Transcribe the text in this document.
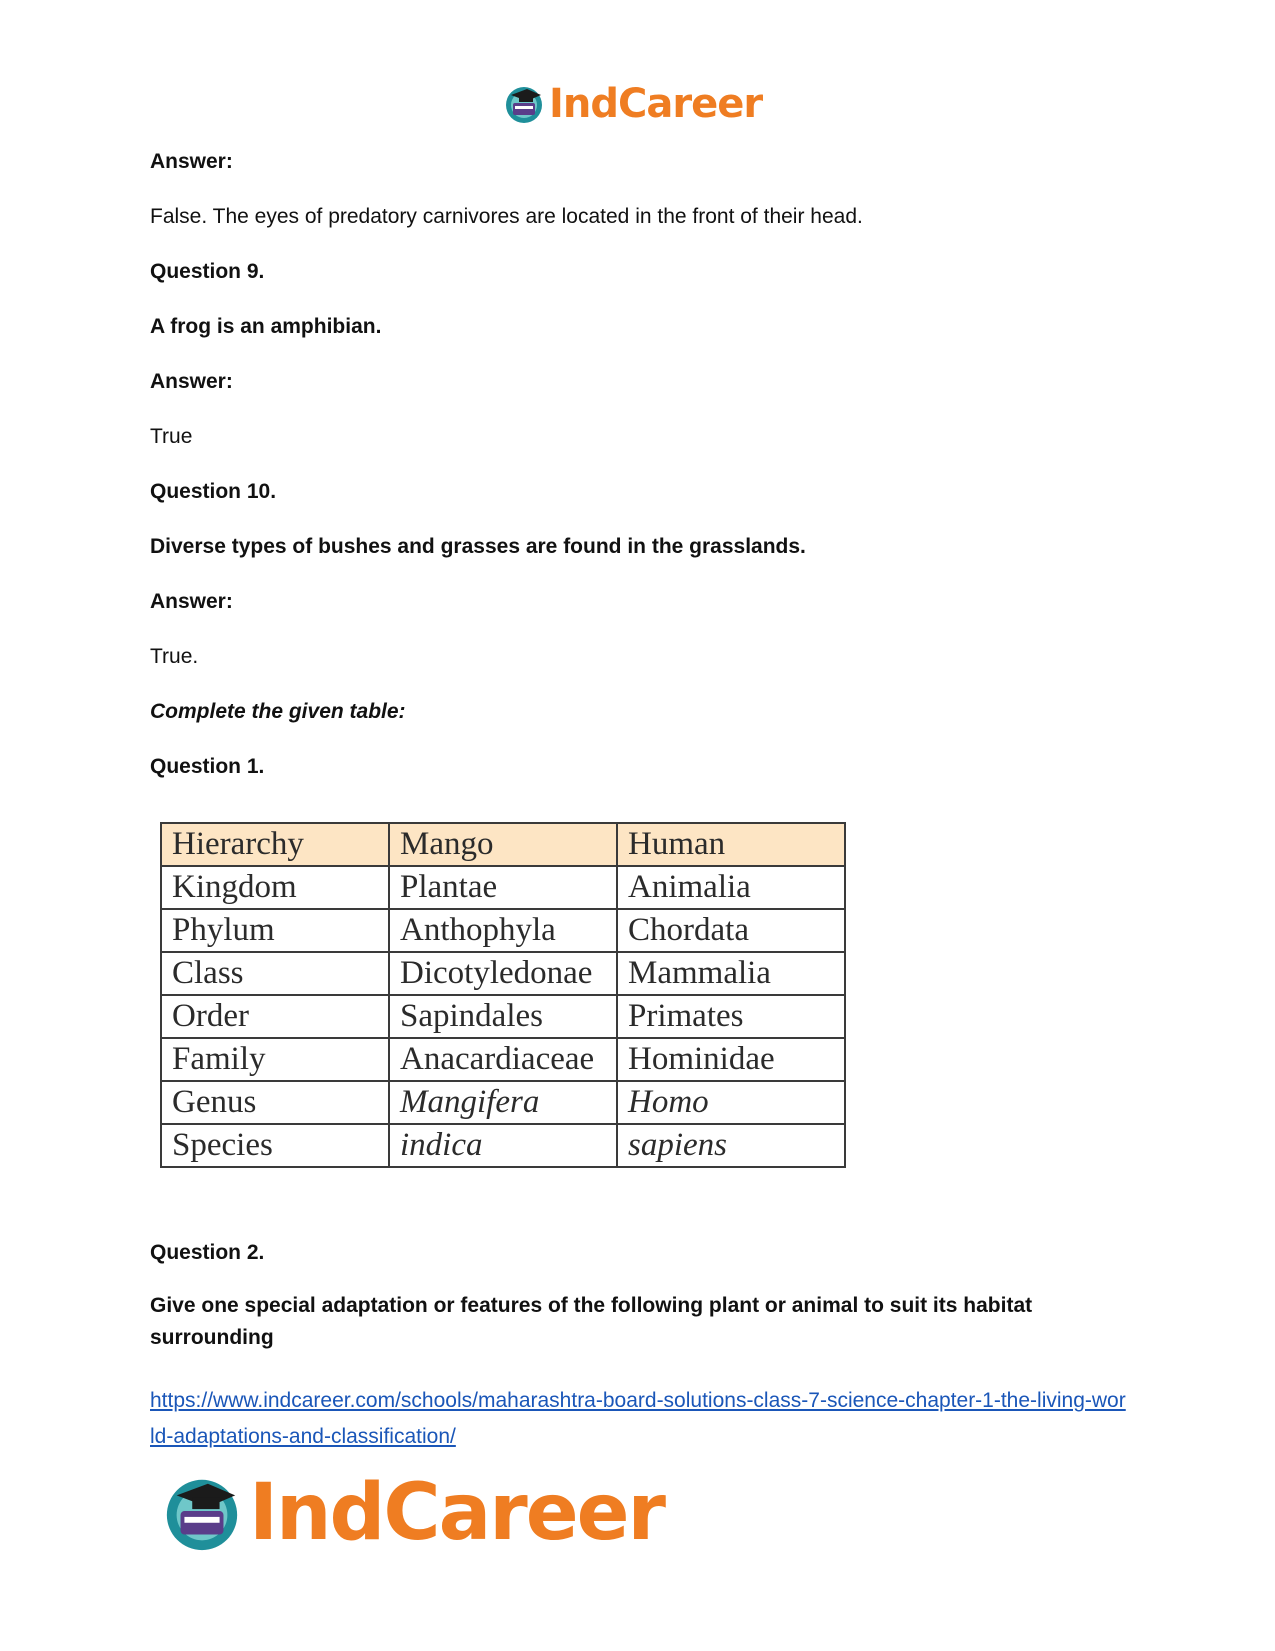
IndCareer
Answer:
False. The eyes of predatory carnivores are located in the front of their head.
Question 9.
A frog is an amphibian.
Answer:
True
Question 10.
Diverse types of bushes and grasses are found in the grasslands.
Answer:
True.
Complete the given table:
Question 1.
Hierarchy	Mango	Human
Kingdom	Plantae	Animalia
Phylum	Anthophyla	Chordata
Class	Dicotyledonae	Mammalia
Order	Sapindales	Primates
Family	Anacardiaceae	Hominidae
Genus	Mangifera	Homo
Species	indica	sapiens
Question 2.
Give one special adaptation or features of the following plant or animal to suit its habitat surrounding
https://www.indcareer.com/schools/maharashtra-board-solutions-class-7-science-chapter-1-the-living-world-adaptations-and-classification/
IndCareer
